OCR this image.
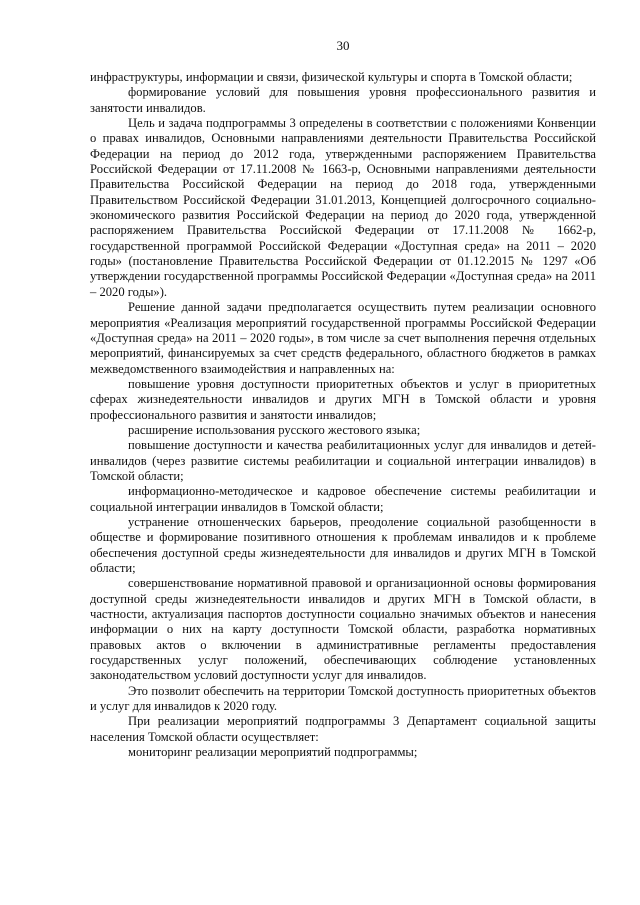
30

инфраструктуры, информации и связи, физической культуры и спорта в Томской области;

формирование условий для повышения уровня профессионального развития и занятости инвалидов.

Цель и задача подпрограммы 3 определены в соответствии с положениями Конвенции о правах инвалидов, Основными направлениями деятельности Правительства Российской Федерации на период до 2012 года, утвержденными распоряжением Правительства Российской Федерации от 17.11.2008 № 1663-р, Основными направлениями деятельности Правительства Российской Федерации на период до 2018 года, утвержденными Правительством Российской Федерации 31.01.2013, Концепцией долгосрочного социально-экономического развития Российской Федерации на период до 2020 года, утвержденной распоряжением Правительства Российской Федерации от 17.11.2008 № 1662-р, государственной программой Российской Федерации «Доступная среда» на 2011 – 2020 годы» (постановление Правительства Российской Федерации от 01.12.2015 № 1297 «Об утверждении государственной программы Российской Федерации «Доступная среда» на 2011 – 2020 годы»).

Решение данной задачи предполагается осуществить путем реализации основного мероприятия «Реализация мероприятий государственной программы Российской Федерации «Доступная среда» на 2011 – 2020 годы», в том числе за счет выполнения перечня отдельных мероприятий, финансируемых за счет средств федерального, областного бюджетов в рамках межведомственного взаимодействия и направленных на:

повышение уровня доступности приоритетных объектов и услуг в приоритетных сферах жизнедеятельности инвалидов и других МГН в Томской области и уровня профессионального развития и занятости инвалидов;

расширение использования русского жестового языка;

повышение доступности и качества реабилитационных услуг для инвалидов и детей-инвалидов (через развитие системы реабилитации и социальной интеграции инвалидов) в Томской области;

информационно-методическое и кадровое обеспечение системы реабилитации и социальной интеграции инвалидов в Томской области;

устранение отношенческих барьеров, преодоление социальной разобщенности в обществе и формирование позитивного отношения к проблемам инвалидов и к проблеме обеспечения доступной среды жизнедеятельности для инвалидов и других МГН в Томской области;

совершенствование нормативной правовой и организационной основы формирования доступной среды жизнедеятельности инвалидов и других МГН в Томской области, в частности, актуализация паспортов доступности социально значимых объектов и нанесения информации о них на карту доступности Томской области, разработка нормативных правовых актов о включении в административные регламенты предоставления государственных услуг положений, обеспечивающих соблюдение установленных законодательством условий доступности услуг для инвалидов.

Это позволит обеспечить на территории Томской доступность приоритетных объектов и услуг для инвалидов к 2020 году.

При реализации мероприятий подпрограммы 3 Департамент социальной защиты населения Томской области осуществляет:

мониторинг реализации мероприятий подпрограммы;
